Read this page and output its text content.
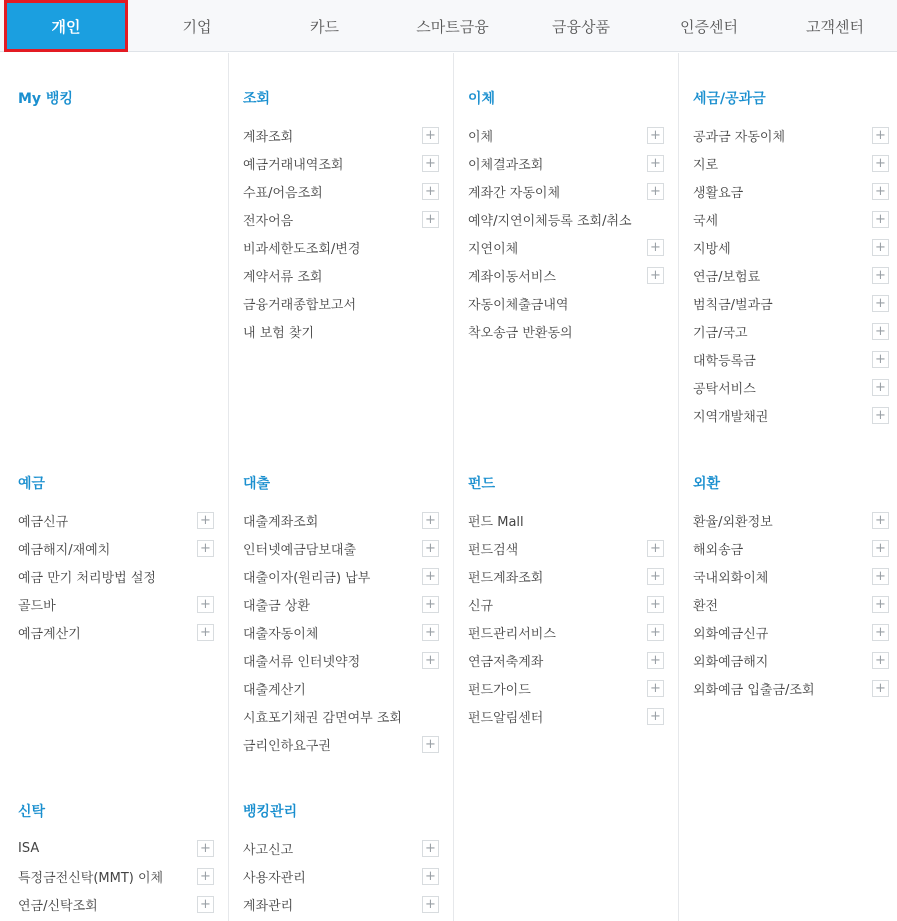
개인	기업	카드	스마트금융	금융상품	인증센터	고객센터
My 뱅킹	조회
계좌조회	+
예금거래내역조회	+
수표/어음조회	+
전자어음	+
비과세한도조회/변경
계약서류 조회
금융거래종합보고서
내 보험 찾기
이체
이체	+
이체결과조회	+
계좌간 자동이체	+
예약/지연이체등록 조회/취소
지연이체	+
계좌이동서비스	+
자동이체출금내역
착오송금 반환동의
세금/공과금
공과금 자동이체	+
지로	+
생활요금	+
국세	+
지방세	+
연금/보험료	+
범칙금/벌과금	+
기금/국고	+
대학등록금	+
공탁서비스	+
지역개발채권	+
예금
예금신규	+
예금해지/재예치	+
예금 만기 처리방법 설정
골드바	+
예금계산기	+
대출
대출계좌조회	+
인터넷예금담보대출	+
대출이자(원리금) 납부	+
대출금 상환	+
대출자동이체	+
대출서류 인터넷약정	+
대출계산기
시효포기채권 감면여부 조회
금리인하요구권	+
펀드
펀드 Mall
펀드검색	+
펀드계좌조회	+
신규	+
펀드관리서비스	+
연금저축계좌	+
펀드가이드	+
펀드알림센터	+
외환
환율/외환정보	+
해외송금	+
국내외화이체	+
환전	+
외화예금신규	+
외화예금해지	+
외화예금 입출금/조회	+
신탁
ISA	+
특정금전신탁(MMT) 이체	+
연금/신탁조회	+
뱅킹관리
사고신고	+
사용자관리	+
계좌관리	+
